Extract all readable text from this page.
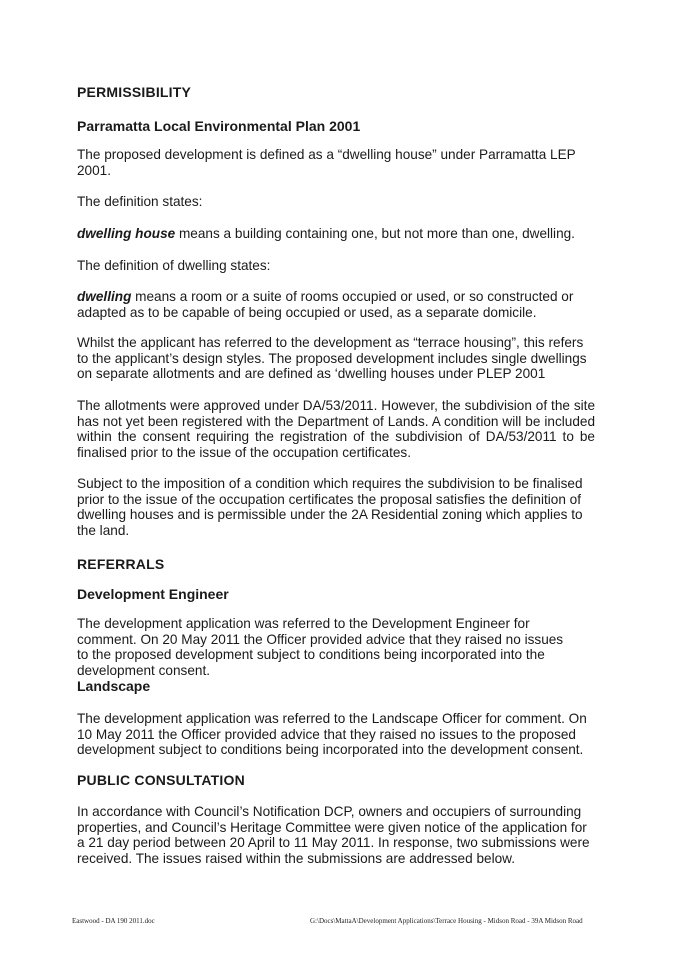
PERMISSIBILITY
Parramatta Local Environmental Plan 2001

The proposed development is defined as a “dwelling house” under Parramatta LEP 2001.

The definition states:

dwelling house means a building containing one, but not more than one, dwelling.

The definition of dwelling states:

dwelling means a room or a suite of rooms occupied or used, or so constructed or adapted as to be capable of being occupied or used, as a separate domicile.

Whilst the applicant has referred to the development as “terrace housing”, this refers to the applicant’s design styles. The proposed development includes single dwellings on separate allotments and are defined as ‘dwelling houses under PLEP 2001

The allotments were approved under DA/53/2011. However, the subdivision of the site has not yet been registered with the Department of Lands. A condition will be included within the consent requiring the registration of the subdivision of DA/53/2011 to be finalised prior to the issue of the occupation certificates.

Subject to the imposition of a condition which requires the subdivision to be finalised prior to the issue of the occupation certificates the proposal satisfies the definition of dwelling houses and is permissible under the 2A Residential zoning which applies to the land.

REFERRALS
Development Engineer

The development application was referred to the Development Engineer for comment. On 20 May 2011 the Officer provided advice that they raised no issues to the proposed development subject to conditions being incorporated into the development consent.

Landscape

The development application was referred to the Landscape Officer for comment. On 10 May 2011 the Officer provided advice that they raised no issues to the proposed development subject to conditions being incorporated into the development consent.

PUBLIC CONSULTATION

In accordance with Council’s Notification DCP, owners and occupiers of surrounding properties, and Council’s Heritage Committee were given notice of the application for a 21 day period between 20 April to 11 May 2011. In response, two submissions were received. The issues raised within the submissions are addressed below.

Eastwood - DA 190 2011.doc	G:\Docs\MattaA\Development Applications\Terrace Housing - Midson Road - 39A Midson Road
